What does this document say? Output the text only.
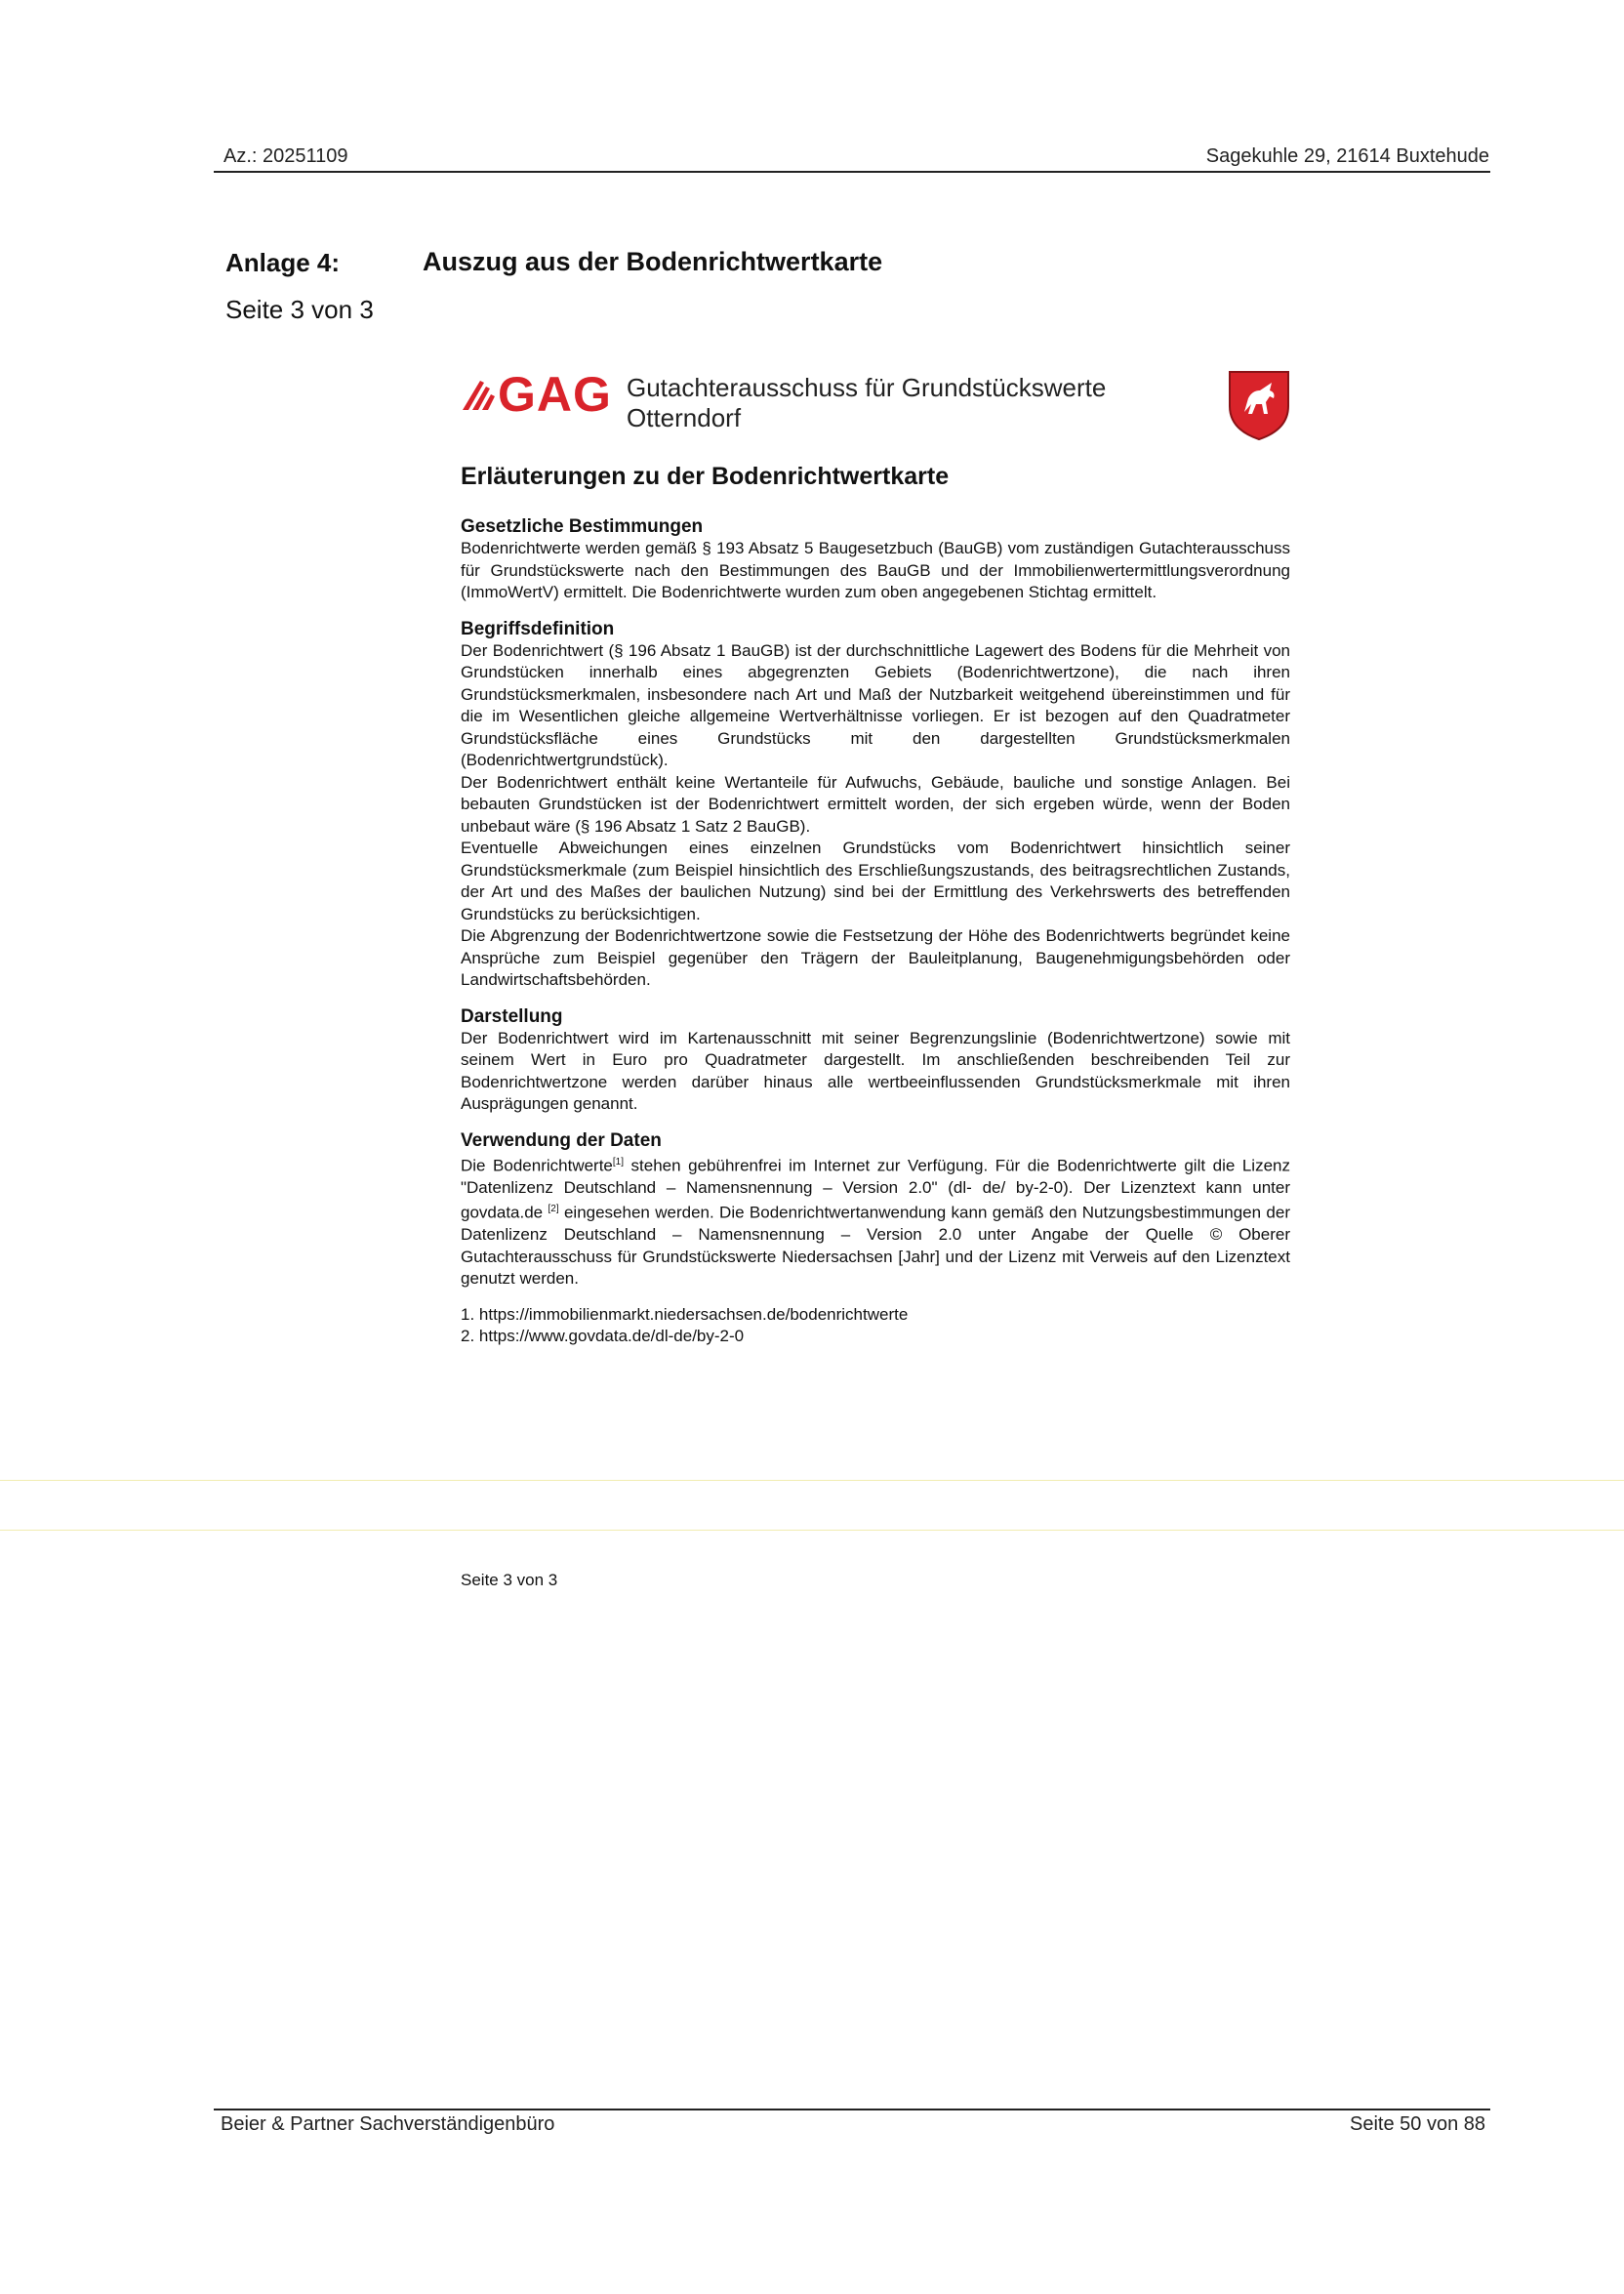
Az.: 20251109	Sagekuhle 29, 21614 Buxtehude
Anlage 4:	Auszug aus der Bodenrichtwertkarte
Seite 3 von 3
GAG Gutachterausschuss für Grundstückswerte
Otterndorf
Erläuterungen zu der Bodenrichtwertkarte
Gesetzliche Bestimmungen

Bodenrichtwerte werden gemäß § 193 Absatz 5 Baugesetzbuch (BauGB) vom zuständigen Gutachterausschuss für Grundstückswerte nach den Bestimmungen des BauGB und der Immobilienwertermittlungsverordnung (ImmoWertV) ermittelt. Die Bodenrichtwerte wurden zum oben angegebenen Stichtag ermittelt.

Begriffsdefinition

Der Bodenrichtwert (§ 196 Absatz 1 BauGB) ist der durchschnittliche Lagewert des Bodens für die Mehrheit von Grundstücken innerhalb eines abgegrenzten Gebiets (Bodenrichtwertzone), die nach ihren Grundstücksmerkmalen, insbesondere nach Art und Maß der Nutzbarkeit weitgehend übereinstimmen und für die im Wesentlichen gleiche allgemeine Wertverhältnisse vorliegen. Er ist bezogen auf den Quadratmeter Grundstücksfläche eines Grundstücks mit den dargestellten Grundstücksmerkmalen (Bodenrichtwertgrundstück).

Der Bodenrichtwert enthält keine Wertanteile für Aufwuchs, Gebäude, bauliche und sonstige Anlagen. Bei bebauten Grundstücken ist der Bodenrichtwert ermittelt worden, der sich ergeben würde, wenn der Boden unbebaut wäre (§ 196 Absatz 1 Satz 2 BauGB).

Eventuelle Abweichungen eines einzelnen Grundstücks vom Bodenrichtwert hinsichtlich seiner Grundstücksmerkmale (zum Beispiel hinsichtlich des Erschließungszustands, des beitragsrechtlichen Zustands, der Art und des Maßes der baulichen Nutzung) sind bei der Ermittlung des Verkehrswerts des betreffenden Grundstücks zu berücksichtigen.

Die Abgrenzung der Bodenrichtwertzone sowie die Festsetzung der Höhe des Bodenrichtwerts begründet keine Ansprüche zum Beispiel gegenüber den Trägern der Bauleitplanung, Baugenehmigungsbehörden oder Landwirtschaftsbehörden.

Darstellung

Der Bodenrichtwert wird im Kartenausschnitt mit seiner Begrenzungslinie (Bodenrichtwertzone) sowie mit seinem Wert in Euro pro Quadratmeter dargestellt. Im anschließenden beschreibenden Teil zur Bodenrichtwertzone werden darüber hinaus alle wertbeeinflussenden Grundstücksmerkmale mit ihren Ausprägungen genannt.

Verwendung der Daten

Die Bodenrichtwerte[1] stehen gebührenfrei im Internet zur Verfügung. Für die Bodenrichtwerte gilt die Lizenz "Datenlizenz Deutschland – Namensnennung – Version 2.0" (dl- de/ by-2-0). Der Lizenztext kann unter govdata.de [2] eingesehen werden. Die Bodenrichtwertanwendung kann gemäß den Nutzungsbestimmungen der Datenlizenz Deutschland – Namensnennung – Version 2.0 unter Angabe der Quelle © Oberer Gutachterausschuss für Grundstückswerte Niedersachsen [Jahr] und der Lizenz mit Verweis auf den Lizenztext genutzt werden.

1. https://immobilienmarkt.niedersachsen.de/bodenrichtwerte
2. https://www.govdata.de/dl-de/by-2-0
Seite 3 von 3
Beier & Partner Sachverständigenbüro	Seite 50 von 88
